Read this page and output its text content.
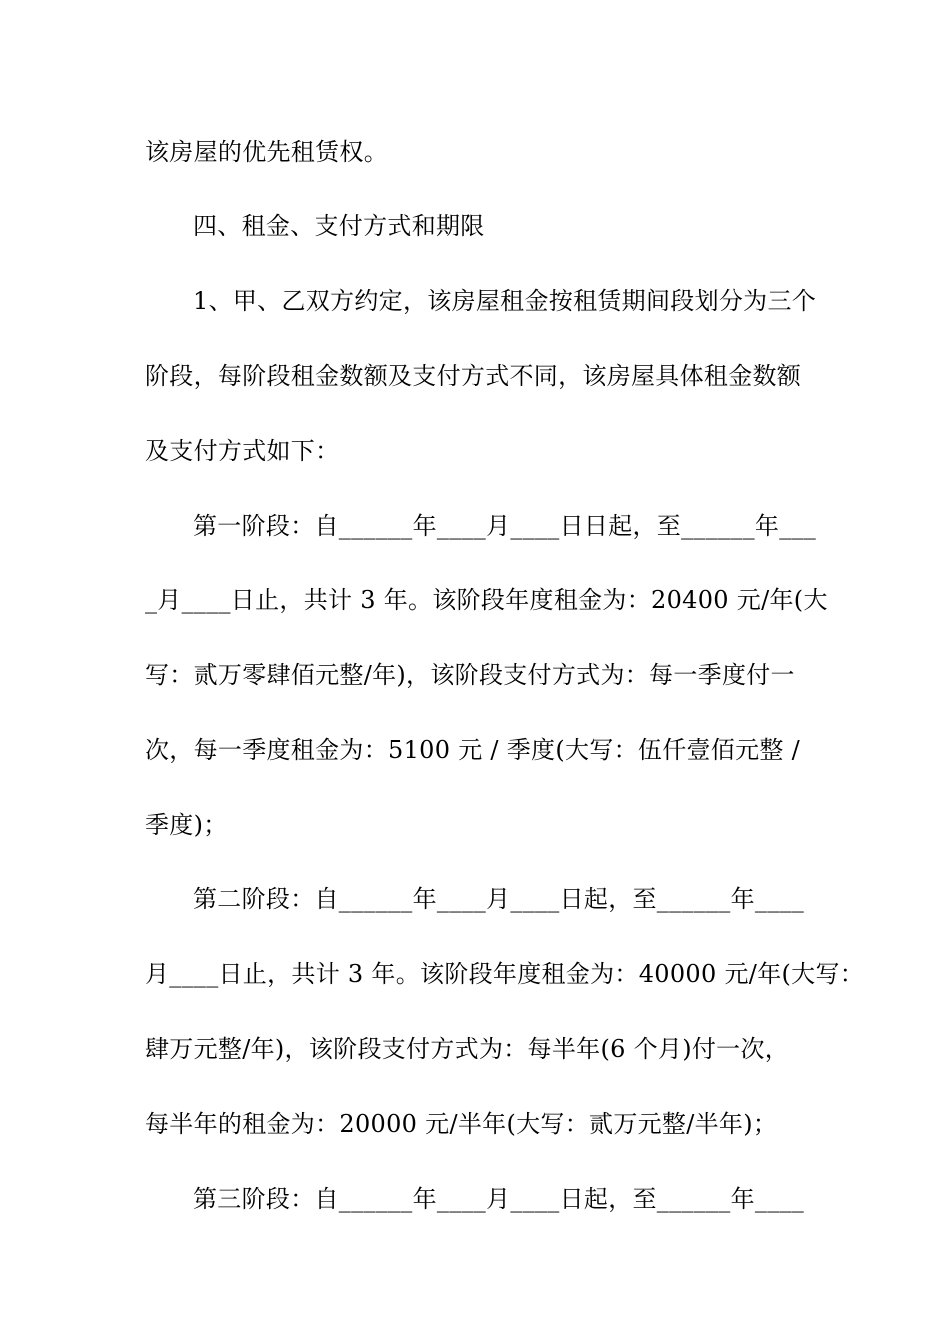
该房屋的优先租赁权。
四、租金、支付方式和期限
1、甲、乙双方约定，该房屋租金按租赁期间段划分为三个
阶段，每阶段租金数额及支付方式不同，该房屋具体租金数额
及支付方式如下：
第一阶段：自______年____月____日日起，至______年___
_月____日止，共计 3 年。该阶段年度租金为：20400 元/年(大
写：贰万零肆佰元整/年)，该阶段支付方式为：每一季度付一
次，每一季度租金为：5100 元 / 季度(大写：伍仟壹佰元整 /
季度)；
第二阶段：自______年____月____日起，至______年____
月____日止，共计 3 年。该阶段年度租金为：40000 元/年(大写：
肆万元整/年)，该阶段支付方式为：每半年(6 个月)付一次，
每半年的租金为：20000 元/半年(大写：贰万元整/半年)；
第三阶段：自______年____月____日起，至______年____
